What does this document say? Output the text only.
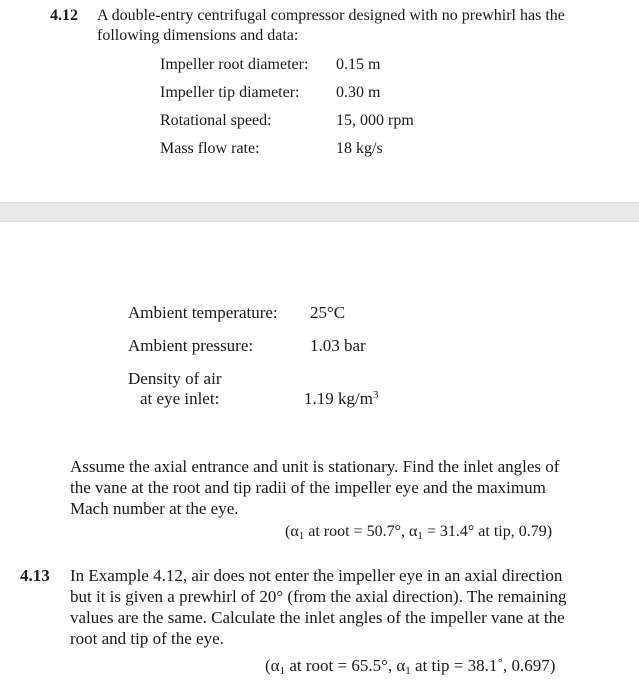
4.12 A double-entry centrifugal compressor designed with no prewhirl has the
following dimensions and data:
Impeller root diameter: 0.15 m
Impeller tip diameter: 0.30 m
Rotational speed:	15, 000 rpm
Mass flow rate:	18 kg/s
Ambient temperature: 25°C
Ambient pressure:	1.03 bar
Density of air
at eye inlet:	1.19 $kg/m^3$
Assume the axial entrance and unit is stationary. Find the inlet angles of
the vane at the root and tip radii of the impeller eye and the maximum
Mach number at the eye.
($\alpha_1$ at root = 50.7°, $\alpha_1 = 31.4^\circ$ at tip, 0.79)
4.13 In Example 4.12, air does not enter the impeller eye in an axial direction
but it is given a prewhirl of 20° (from the axial direction). The remaining
values are the same. Calculate the inlet angles of the impeller vane at the
root and tip of the eye.
($\alpha_1$ at root = 65.5°, $\alpha_1$ at tip = 38.1˚, 0.697)
